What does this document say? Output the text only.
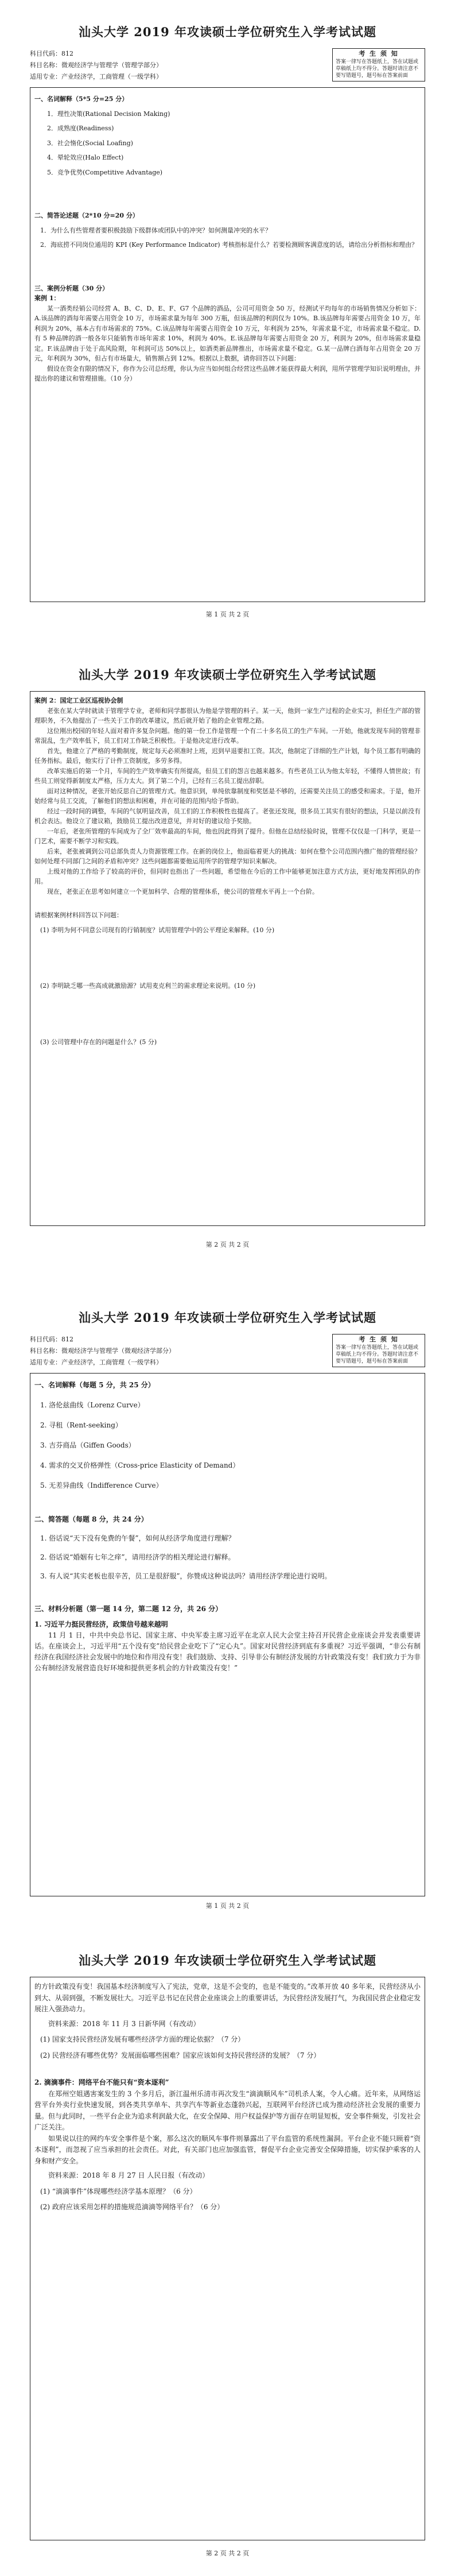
汕头大学 2019 年攻读硕士学位研究生入学考试试题
科目代码：812
科目名称：微观经济学与管理学（管理学部分）
适用专业：产业经济学，工商管理（一级学科）
考 生 须 知
答案一律写在答题纸上，答在试题或草稿纸上均不得分。答题时请注意不要写错题号，题号标在答案前面
一、名词解释（5*5 分=25 分）
1．理性决策(Rational Decision Making)
2．成熟度(Readiness)
3．社会惰化(Social Loafing)
4．晕轮效应(Halo Effect)
5．竞争优势(Competitive Advantage)
二、简答论述题（2*10 分=20 分）
1．为什么有些管理者要积极鼓励下级群体或团队中的冲突？如何测量冲突的水平？
2．海底捞不同岗位通用的 KPI (Key Performance Indicator) 考核指标是什么？若要检测顾客满意度的话，请给出分析指标和理由？
三、案例分析题（30 分）
案例 1：

某一酒类经销公司经营 A、B、C、D、E、F、G7 个品牌的酒品，公司可用资金 50 万，经测试平均每年的市场销售情况分析如下：A.该品牌的酒每年需要占用资金 10 万，市场需求量为每年 300 万瓶，但该品牌的利润仅为 10%。B.该品牌每年需要占用资金 10 万，年利润为 20%，基本占有市场需求的 75%。C.该品牌每年需要占用资金 10 万元，年利润为 25%，年需求量不定，市场需求量不稳定。D.有 5 种品牌的酒一般各年只能销售市场年需求 10%，利润为 40%。E.该品牌每年需要占用资金 20 万，利润为 20%，但市场需求量稳定。F.该品牌由于处于高风险期，年利润可达 50%以上，如酒类新品牌推出，市场需求量不稳定。G.某一品牌白酒每年占用资金 20 万元，年利润为 30%，但占有市场量大，销售额占到 12%。根据以上数据，请你回答以下问题：

假设在资金有限的情况下，你作为公司总经理，你认为应当如何组合经营这些品牌才能获得最大利润，用所学管理学知识说明理由，并提出你的建议和管理措施。（10 分）

第 1 页 共 2 页
汕头大学 2019 年攻读硕士学位研究生入学考试试题
案例 2：国定工业区巡视协会制

老张在某大学时就读于管理学专业，老师和同学都很认为他是学管理的料子。某一天，他到一家生产过程的企业实习，担任生产部的管理职务，不久他提出了一些关于工作的改革建议，然后就开始了他的企业管理之路。

这位刚出校园的年轻人面对着许多复杂问题。他的第一份工作是管理一个有二十多名员工的生产车间。一开始，他就发现车间的管理非常混乱，生产效率低下，员工们对工作缺乏积极性。于是他决定进行改革。

首先，他建立了严格的考勤制度，规定每天必须准时上班，迟到早退要扣工资。其次，他制定了详细的生产计划，每个员工都有明确的任务指标。最后，他实行了计件工资制度，多劳多得。

改革实施后的第一个月，车间的生产效率确实有所提高，但员工们的怨言也越来越多。有些老员工认为他太年轻，不懂得人情世故；有些员工则觉得新制度太严格，压力太大。到了第二个月，已经有三名员工提出辞职。

面对这种情况，老张开始反思自己的管理方式。他意识到，单纯依靠制度和奖惩是不够的，还需要关注员工的感受和需求。于是，他开始经常与员工交流，了解他们的想法和困难，并在可能的范围内给予帮助。

经过一段时间的调整，车间的气氛明显改善，员工们的工作积极性也提高了。老张还发现，很多员工其实有很好的想法，只是以前没有机会表达。他设立了建议箱，鼓励员工提出改进意见，并对好的建议给予奖励。

一年后，老张所管理的车间成为了全厂效率最高的车间，他也因此得到了提升。但他在总结经验时说，管理不仅仅是一门科学，更是一门艺术，需要不断学习和实践。

后来，老张被调到公司总部负责人力资源管理工作。在新的岗位上，他面临着更大的挑战：如何在整个公司范围内推广他的管理经验？如何处理不同部门之间的矛盾和冲突？这些问题都需要他运用所学的管理学知识来解决。

上级对他的工作给予了较高的评价，但同时也指出了一些问题，希望他在今后的工作中能够更加注意方式方法，更好地发挥团队的作用。

现在，老张正在思考如何建立一个更加科学、合理的管理体系，使公司的管理水平再上一个台阶。

请根据案例材料回答以下问题：
(1) 李明为何不同意公司现有的行销制度？试用管理学中的公平理论来解释。(10 分)
(2) 李明缺乏哪一些高成就激励源？试用麦克利兰的需求理论来说明。(10 分)
(3) 公司管理中存在的问题是什么？(5 分)
第 2 页 共 2 页
汕头大学 2019 年攻读硕士学位研究生入学考试试题
科目代码：812
科目名称：微观经济学与管理学（微观经济学部分）
适用专业：产业经济学，工商管理（一级学科）
考 生 须 知
答案一律写在答题纸上，答在试题或草稿纸上均不得分。答题时请注意不要写错题号，题号标在答案前面
一、名词解释（每题 5 分，共 25 分）
1. 洛伦兹曲线（Lorenz Curve）
2. 寻租（Rent-seeking）
3. 吉芬商品（Giffen Goods）
4. 需求的交叉价格弹性（Cross-price Elasticity of Demand）
5. 无差异曲线（Indifference Curve）
二、简答题（每题 8 分，共 24 分）
1. 俗话说“天下没有免费的午餐”，如何从经济学角度进行理解？
2. 俗话说“婚姻有七年之痒”，请用经济学的相关理论进行解释。
3. 有人说“其实老板也很辛苦，员工是很舒服”，你赞成这种说法吗？请用经济学理论进行说明。
三、材料分析题（第一题 14 分，第二题 12 分，共 26 分）
1. 习近平力挺民营经济，政策信号越来越明

11 月 1 日，中共中央总书记、国家主席、中央军委主席习近平在北京人民大会堂主持召开民营企业座谈会并发表重要讲话。在座谈会上，习近平用“五个没有变”给民营企业吃下了“定心丸”。国家对民营经济到底有多重视？习近平强调，“非公有制经济在我国经济社会发展中的地位和作用没有变！我们鼓励、支持、引导非公有制经济发展的方针政策没有变！我们致力于为非公有制经济发展营造良好环境和提供更多机会的方针政策没有变！”

第 1 页 共 2 页
汕头大学 2019 年攻读硕士学位研究生入学考试试题

的方针政策没有变！我国基本经济制度写入了宪法，党章，这是不会变的，也是不能变的。”改革开放 40 多年来，民营经济从小到大、从弱到强，不断发展壮大。习近平总书记在民营企业座谈会上的重要讲话，为民营经济发展打气，为我国民营企业稳定发展注入强劲动力。

资料来源：2018 年 11 月 3 日新华网（有改动）
(1) 国家支持民营经济发展有哪些经济学方面的理论依据？（7 分）
(2) 民营经济有哪些优势？发展面临哪些困难？国家应该如何支持民营经济的发展？（7 分）
2. 滴滴事件：网络平台不能只有“资本逐利”

在郑州空姐遇害案发生的 3 个多月后，浙江温州乐清市再次发生“滴滴顺风车”司机杀人案，令人心痛。近年来，从网络运营平台外卖行业快速发展，到各类共享单车、共享汽车等新业态蓬勃兴起，互联网平台经济已成为推动经济社会发展的重要力量。但与此同时，一些平台企业为追求利润最大化，在安全保障、用户权益保护等方面存在明显短板，安全事件频发，引发社会广泛关注。

如果说以往的网约车安全事件是个案，那么这次的顺风车事件则暴露出了平台监管的系统性漏洞。平台企业不能只顾着“资本逐利”，而忽视了应当承担的社会责任。对此，有关部门也应加强监管，督促平台企业完善安全保障措施，切实保护乘客的人身和财产安全。

资料来源：2018 年 8 月 27 日 人民日报（有改动）
(1) “滴滴事件”体现哪些经济学基本原理？（6 分）
(2) 政府应该采用怎样的措施规范滴滴等网络平台？（6 分）
第 2 页 共 2 页
